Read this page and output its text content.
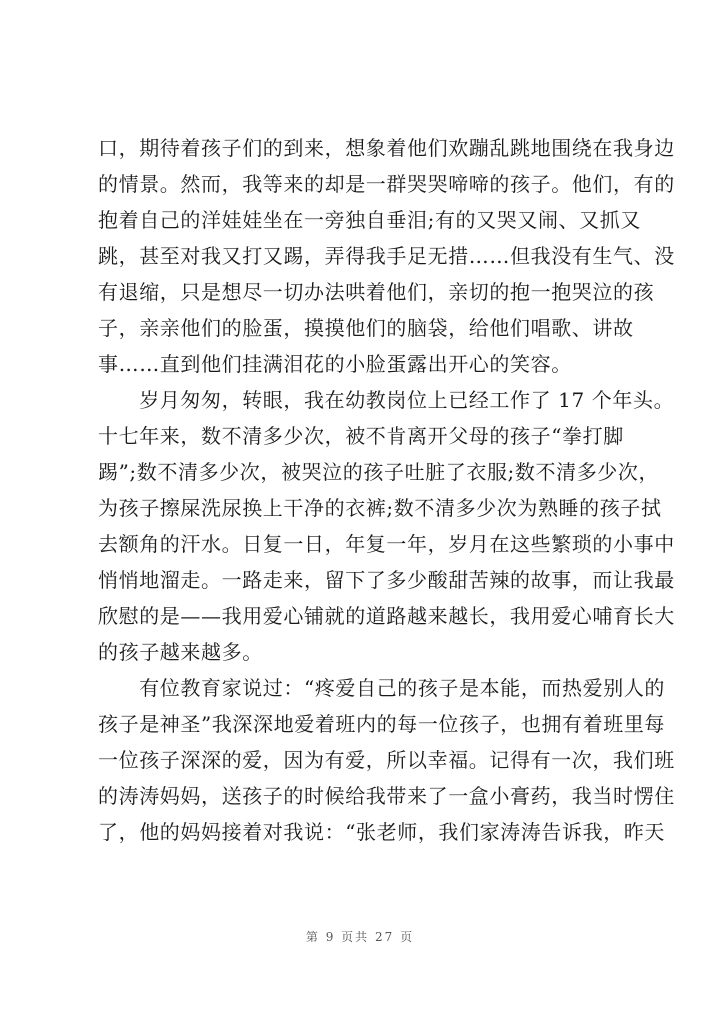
口，期待着孩子们的到来，想象着他们欢蹦乱跳地围绕在我身边
的情景。然而，我等来的却是一群哭哭啼啼的孩子。他们，有的
抱着自己的洋娃娃坐在一旁独自垂泪;有的又哭又闹、又抓又
跳，甚至对我又打又踢，弄得我手足无措……但我没有生气、没
有退缩，只是想尽一切办法哄着他们，亲切的抱一抱哭泣的孩
子，亲亲他们的脸蛋，摸摸他们的脑袋，给他们唱歌、讲故
事……直到他们挂满泪花的小脸蛋露出开心的笑容。
　　岁月匆匆，转眼，我在幼教岗位上已经工作了 17 个年头。
十七年来，数不清多少次，被不肯离开父母的孩子“拳打脚
踢”;数不清多少次，被哭泣的孩子吐脏了衣服;数不清多少次，
为孩子擦屎洗尿换上干净的衣裤;数不清多少次为熟睡的孩子拭
去额角的汗水。日复一日，年复一年，岁月在这些繁琐的小事中
悄悄地溜走。一路走来，留下了多少酸甜苦辣的故事，而让我最
欣慰的是——我用爱心铺就的道路越来越长，我用爱心哺育长大
的孩子越来越多。
　　有位教育家说过：“疼爱自己的孩子是本能，而热爱别人的
孩子是神圣”我深深地爱着班内的每一位孩子，也拥有着班里每
一位孩子深深的爱，因为有爱，所以幸福。记得有一次，我们班
的涛涛妈妈，送孩子的时候给我带来了一盒小膏药，我当时愣住
了，他的妈妈接着对我说：“张老师，我们家涛涛告诉我，昨天
第 9 页共 27 页
